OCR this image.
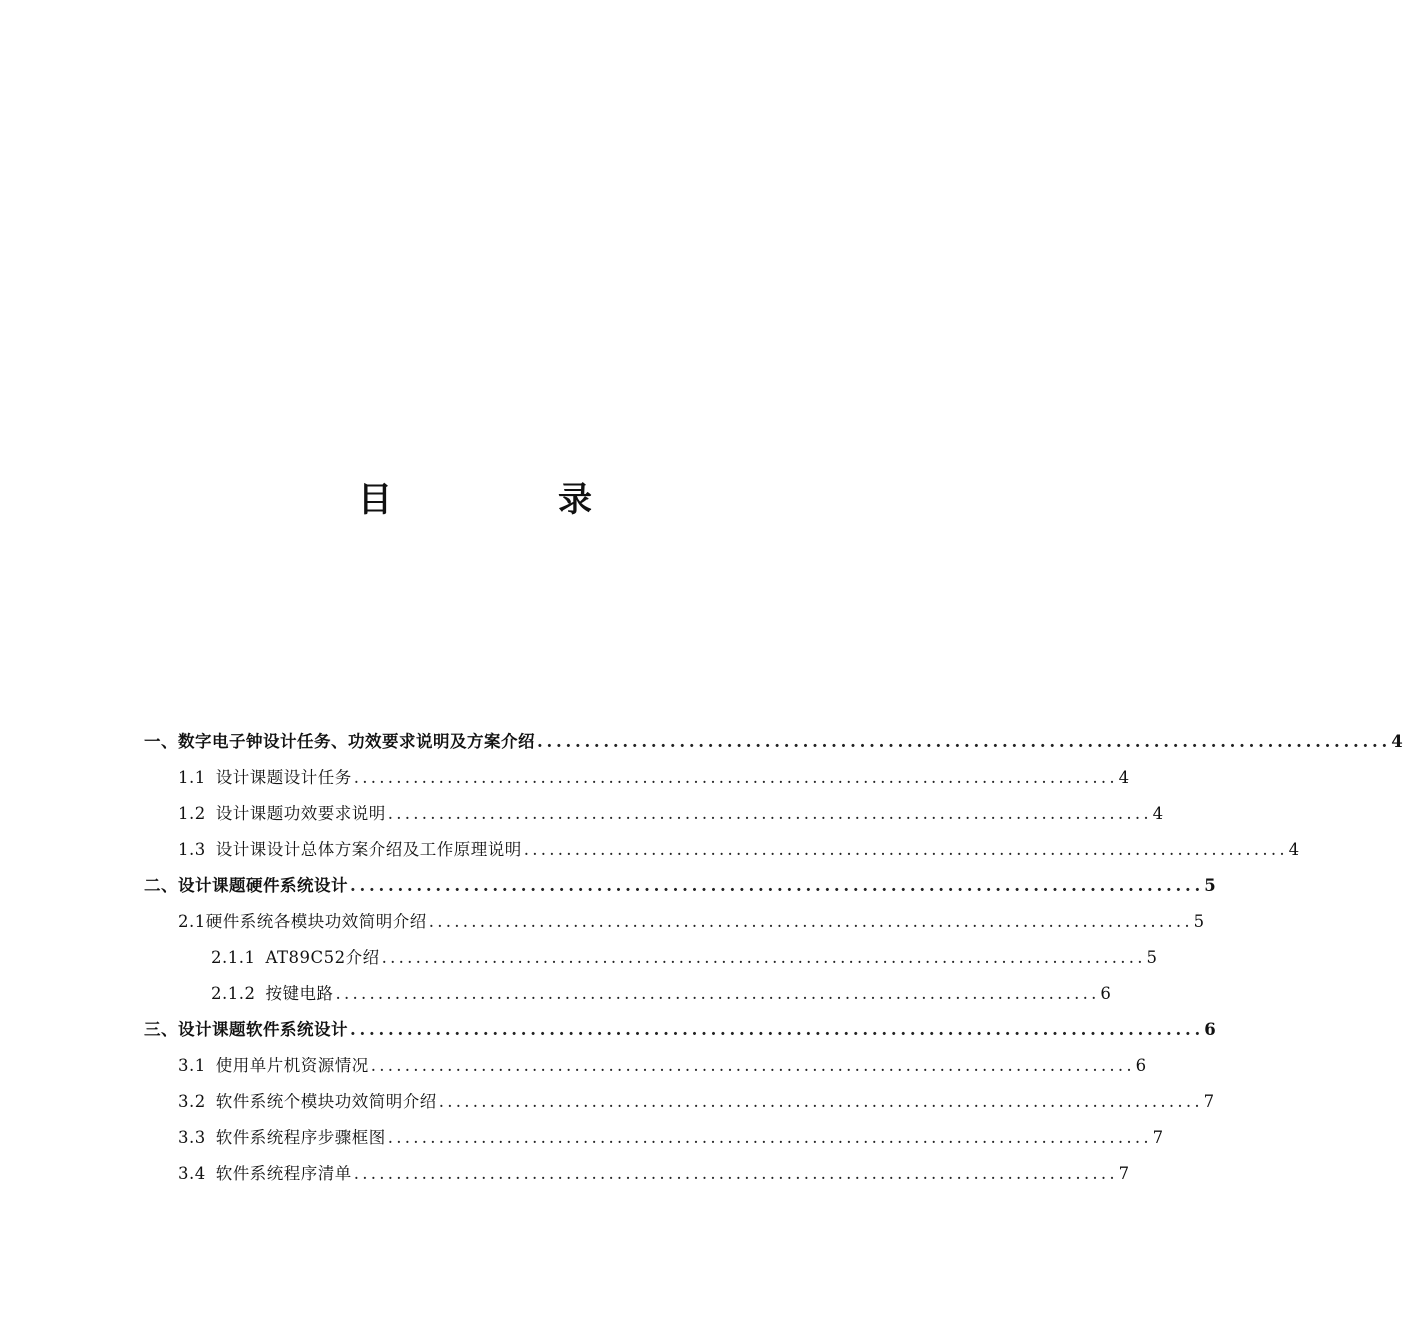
目　录
一、数字电子钟设计任务、功效要求说明及方案介绍 . . .	4
1.1 设计课题设计任务 . . .	4
1.2 设计课题功效要求说明 . . .	4
1.3 设计课设计总体方案介绍及工作原理说明 . . .	4
二、设计课题硬件系统设计 . . .	5
2.1硬件系统各模块功效简明介绍 . . .	5
2.1.1 AT89C52介绍 . . .	5
2.1.2 按键电路 . . .	6
三、设计课题软件系统设计 . . .	6
3.1 使用单片机资源情况 . . .	6
3.2 软件系统个模块功效简明介绍 . . .	7
3.3 软件系统程序步骤框图 . . .	7
3.4 软件系统程序清单 . . .	7
